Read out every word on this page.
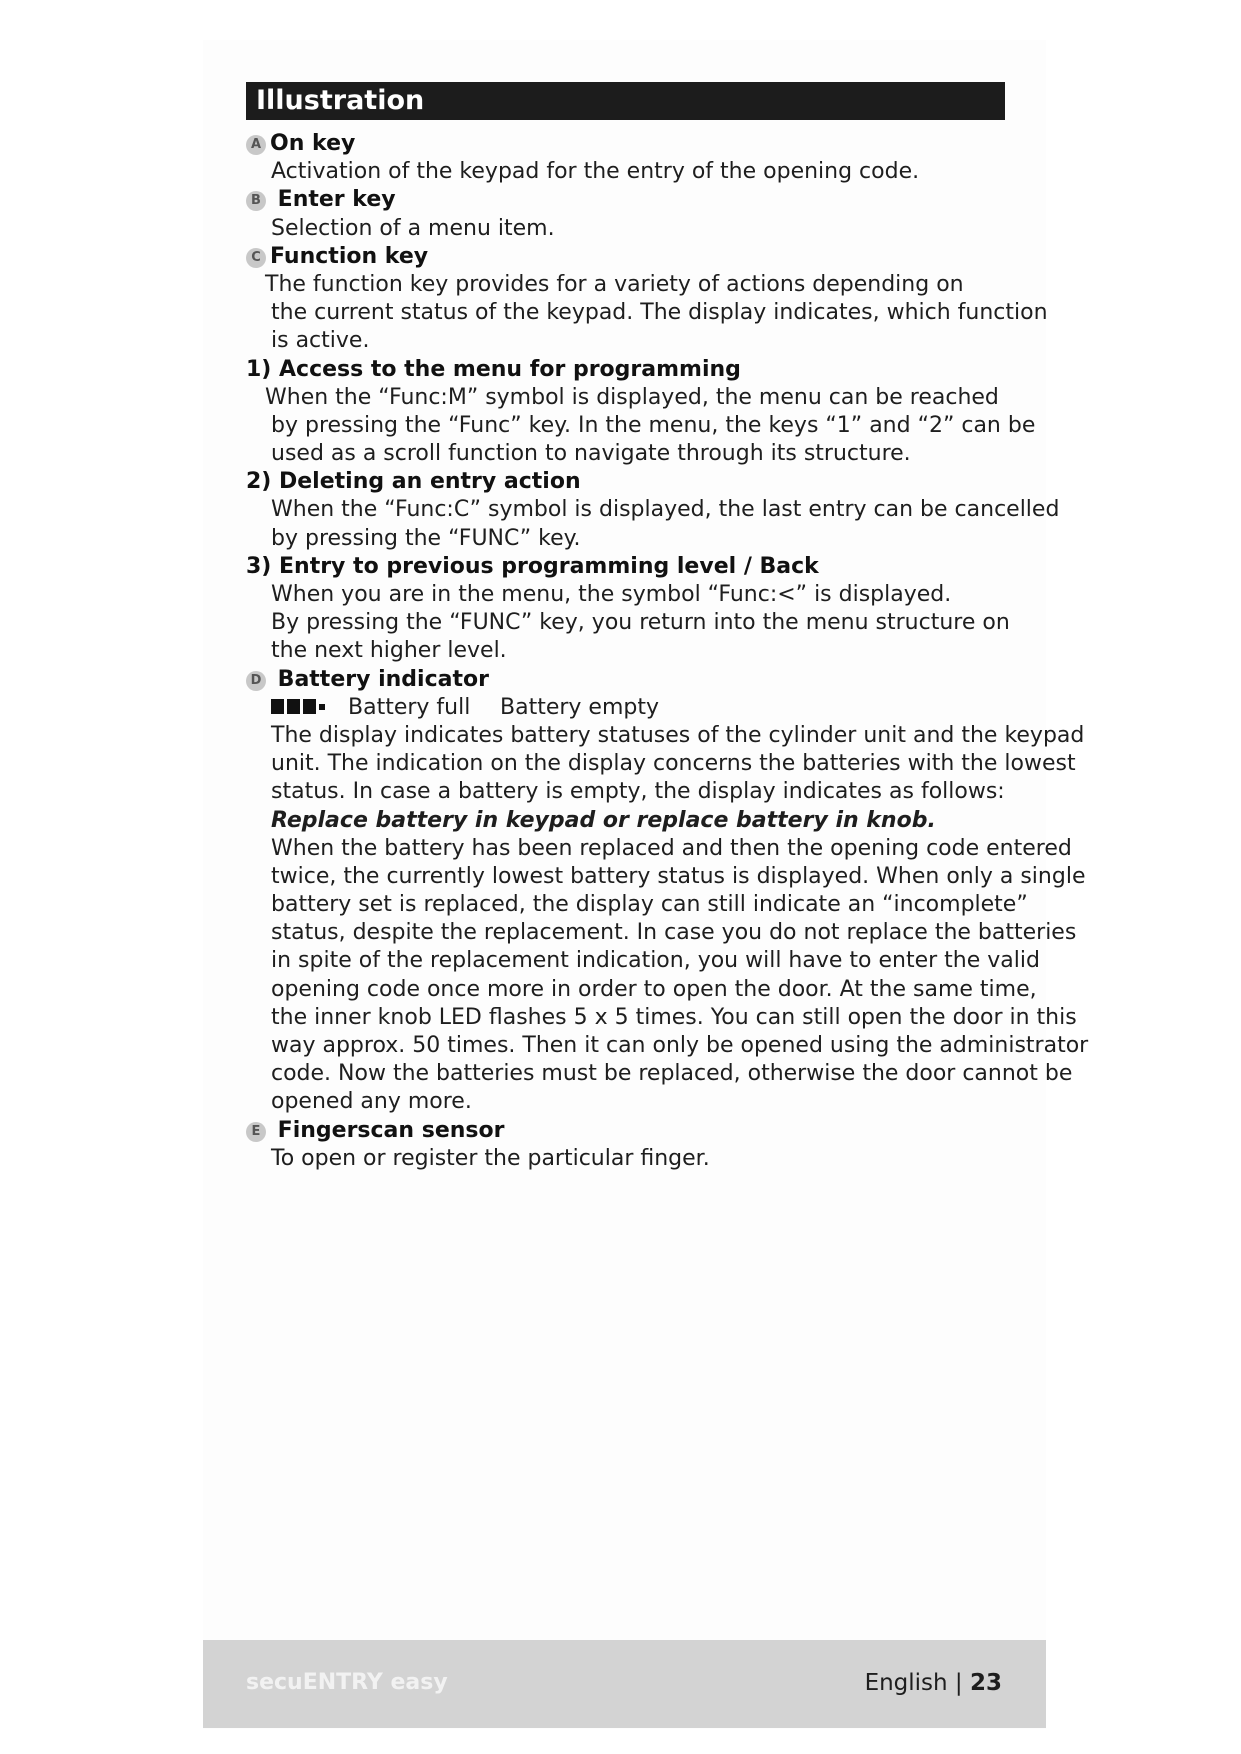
Illustration
A On key
Activation of the keypad for the entry of the opening code.
B Enter key
Selection of a menu item.
C Function key
The function key provides for a variety of actions depending on
the current status of the keypad. The display indicates, which function
is active.
1) Access to the menu for programming
When the “Func:M” symbol is displayed, the menu can be reached
by pressing the “Func” key. In the menu, the keys “1” and “2” can be
used as a scroll function to navigate through its structure.
2) Deleting an entry action
When the “Func:C” symbol is displayed, the last entry can be cancelled
by pressing the “FUNC” key.
3) Entry to previous programming level / Back
When you are in the menu, the symbol “Func:<” is displayed.
By pressing the “FUNC” key, you return into the menu structure on
the next higher level.
D Battery indicator
Battery full Battery empty
The display indicates battery statuses of the cylinder unit and the keypad
unit. The indication on the display concerns the batteries with the lowest
status. In case a battery is empty, the display indicates as follows:
Replace battery in keypad or replace battery in knob.
When the battery has been replaced and then the opening code entered
twice, the currently lowest battery status is displayed. When only a single
battery set is replaced, the display can still indicate an “incomplete”
status, despite the replacement. In case you do not replace the batteries
in spite of the replacement indication, you will have to enter the valid
opening code once more in order to open the door. At the same time,
the inner knob LED flashes 5 x 5 times. You can still open the door in this
way approx. 50 times. Then it can only be opened using the administrator
code. Now the batteries must be replaced, otherwise the door cannot be
opened any more.
E Fingerscan sensor
To open or register the particular finger.
secuENTRY easy	English | 23
